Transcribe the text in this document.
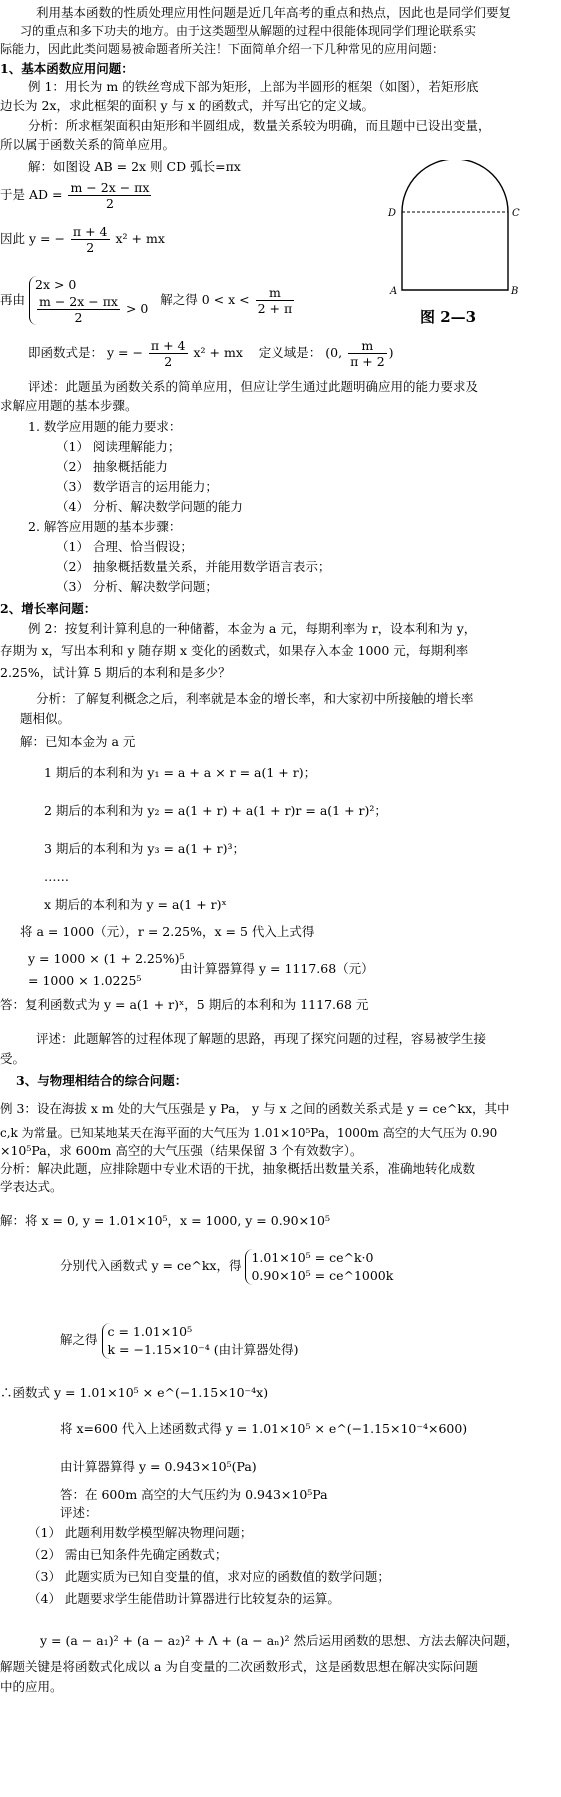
利用基本函数的性质处理应用性问题是近几年高考的重点和热点，因此也是同学们要复
习的重点和多下功夫的地方。由于这类题型从解题的过程中很能体现同学们理论联系实
际能力，因此此类问题易被命题者所关注！下面简单介绍一下几种常见的应用问题：
1、基本函数应用问题：
例 1：用长为 m 的铁丝弯成下部为矩形，上部为半圆形的框架（如图），若矩形底
边长为 2x，求此框架的面积 y 与 x 的函数式，并写出它的定义域。
分析：所求框架面积由矩形和半圆组成，数量关系较为明确，而且题中已设出变量，
所以属于函数关系的简单应用。
解：如图设 AB = 2x 则 CD 弧长=πx
于是 AD = $\frac{m - 2x - \pi x}{2}$
因此 y = − $\frac{\pi + 4}{2} x^2$ + mx
再由
2x > 0
$\frac{m - 2x - \pi x}{2} > 0$
解之得 $0 < x < \frac{m}{2 + \pi}$
即函数式是： y = − $\frac{\pi + 4}{2} x^2$ + mx 定义域是： (0, $\frac{m}{\pi + 2}$ )
D	C
A	B
图 2—3
评述：此题虽为函数关系的简单应用，但应让学生通过此题明确应用的能力要求及
求解应用题的基本步骤。
1. 数学应用题的能力要求：
（1） 阅读理解能力；
（2） 抽象概括能力
（3） 数学语言的运用能力；
（4） 分析、解决数学问题的能力
2. 解答应用题的基本步骤：
（1） 合理、恰当假设；
（2） 抽象概括数量关系，并能用数学语言表示；
（3） 分析、解决数学问题；
2、增长率问题：
例 2：按复利计算利息的一种储蓄，本金为 a 元，每期利率为 r，设本利和为 y，
存期为 x，写出本利和 y 随存期 x 变化的函数式，如果存入本金 1000 元，每期利率
2.25%，试计算 5 期后的本利和是多少？
分析：了解复利概念之后，利率就是本金的增长率，和大家初中所接触的增长率
题相似。
解：已知本金为 a 元
1 期后的本利和为 y₁ = a + a × r = a(1 + r)；
2 期后的本利和为 y₂ = a(1 + r) + a(1 + r)r = a(1 + r)²；
3 期后的本利和为 y₃ = a(1 + r)³；
……
x 期后的本利和为 y = a(1 + r)ˣ
将 a = 1000（元），r = 2.25%，x = 5 代入上式得
y = 1000 × (1 + 2.25%)⁵
由计算器算得 y = 1117.68（元）
= 1000 × 1.0225⁵
答：复利函数式为 y = a(1 + r)ˣ，5 期后的本利和为 1117.68 元
评述：此题解答的过程体现了解题的思路，再现了探究问题的过程，容易被学生接
受。
3、与物理相结合的综合问题：
例 3：设在海拔 x m 处的大气压强是 y Pa， y 与 x 之间的函数关系式是 y = ce^kx，其中
c,k 为常量。已知某地某天在海平面的大气压为 1.01×10⁵Pa，1000m 高空的大气压为 0.90
×10⁵Pa，求 600m 高空的大气压强（结果保留 3 个有效数字）。
分析：解决此题，应排除题中专业术语的干扰，抽象概括出数量关系，准确地转化成数
学表达式。
解：将 x = 0, y = 1.01×10⁵，x = 1000, y = 0.90×10⁵
分别代入函数式 y = ce^kx，得
1.01×10⁵ = ce^k·0
0.90×10⁵ = ce^1000k
解之得
c = 1.01×10⁵
k = −1.15×10⁻⁴ (由计算器处得)
∴函数式 y = 1.01×10⁵ × e^(−1.15×10⁻⁴x)
将 x=600 代入上述函数式得 y = 1.01×10⁵ × e^(−1.15×10⁻⁴×600)
由计算器算得 y = 0.943×10⁵(Pa)
答：在 600m 高空的大气压约为 0.943×10⁵Pa
评述：
（1） 此题利用数学模型解决物理问题；
（2） 需由已知条件先确定函数式；
（3） 此题实质为已知自变量的值，求对应的函数值的数学问题；
（4） 此题要求学生能借助计算器进行比较复杂的运算。
y = (a − a₁)² + (a − a₂)² + Λ + (a − aₙ)² 然后运用函数的思想、方法去解决问题，
解题关键是将函数式化成以 a 为自变量的二次函数形式，这是函数思想在解决实际问题
中的应用。
